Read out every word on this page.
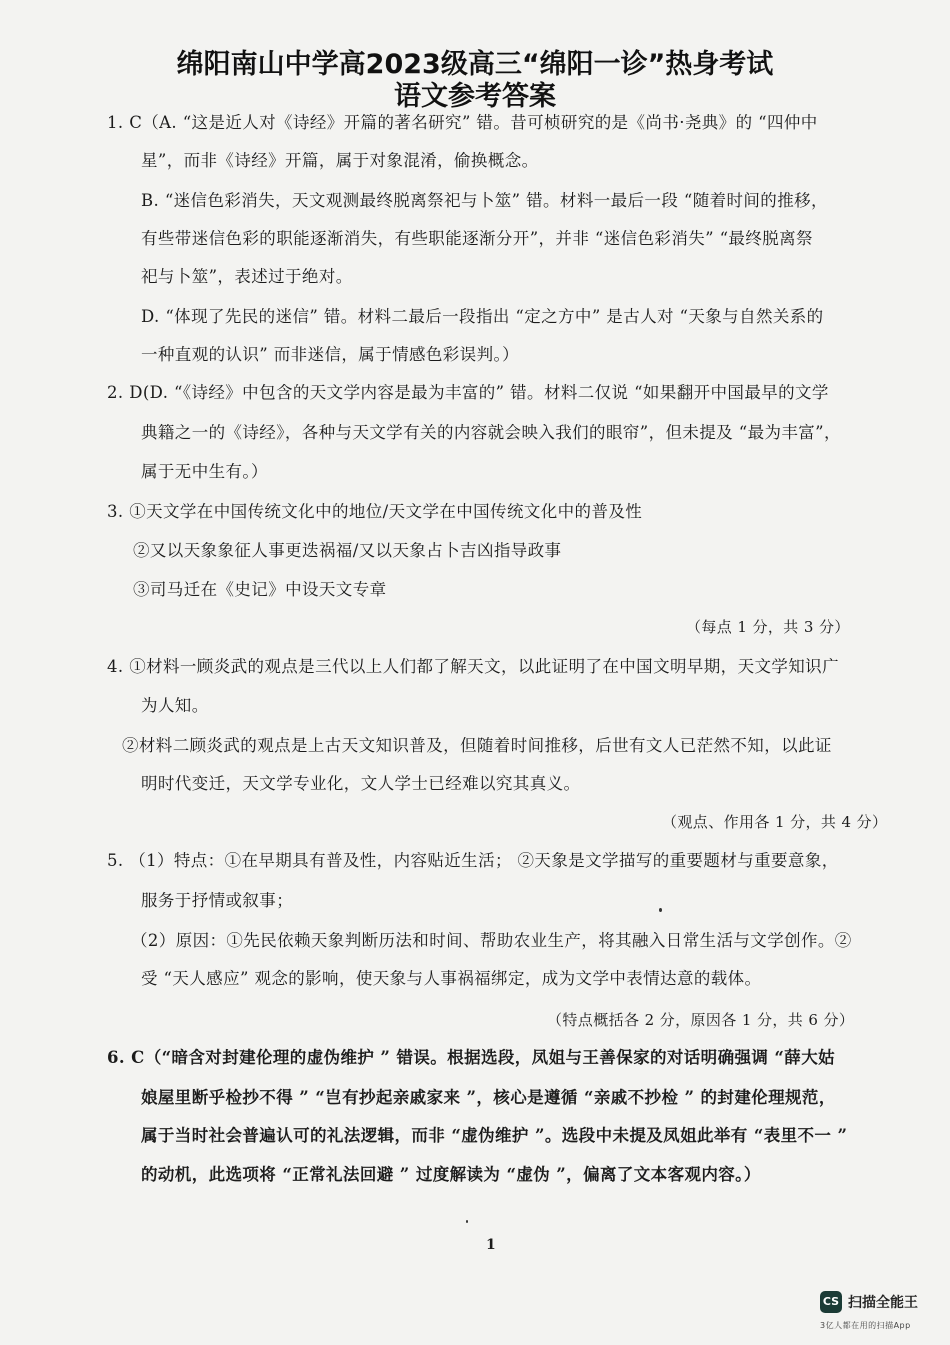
绵阳南山中学高2023级高三“绵阳一诊”热身考试
语文参考答案
1. C（A. “这是近人对《诗经》开篇的著名研究” 错。昔可桢研究的是《尚书·尧典》的 “四仲中
星”，而非《诗经》开篇，属于对象混淆，偷换概念。
B. “迷信色彩消失，天文观测最终脱离祭祀与卜筮” 错。材料一最后一段 “随着时间的推移，
有些带迷信色彩的职能逐渐消失，有些职能逐渐分开”，并非 “迷信色彩消失” “最终脱离祭
祀与卜筮”，表述过于绝对。
D. “体现了先民的迷信” 错。材料二最后一段指出 “定之方中” 是古人对 “天象与自然关系的
一种直观的认识” 而非迷信，属于情感色彩误判。）
2. D(D. “《诗经》中包含的天文学内容是最为丰富的” 错。材料二仅说 “如果翻开中国最早的文学
典籍之一的《诗经》，各种与天文学有关的内容就会映入我们的眼帘”，但未提及 “最为丰富”，
属于无中生有。）
3. ①天文学在中国传统文化中的地位/天文学在中国传统文化中的普及性
②又以天象象征人事更迭祸福/又以天象占卜吉凶指导政事
③司马迁在《史记》中设天文专章
（每点 1 分，共 3 分）
4. ①材料一顾炎武的观点是三代以上人们都了解天文，以此证明了在中国文明早期，天文学知识广
为人知。
②材料二顾炎武的观点是上古天文知识普及，但随着时间推移，后世有文人已茫然不知，以此证
明时代变迁，天文学专业化，文人学士已经难以究其真义。
（观点、作用各 1 分，共 4 分）
5. （1）特点：①在早期具有普及性，内容贴近生活； ②天象是文学描写的重要题材与重要意象，
服务于抒情或叙事；
（2）原因：①先民依赖天象判断历法和时间、帮助农业生产，将其融入日常生活与文学创作。②
受 “天人感应” 观念的影响，使天象与人事祸福绑定，成为文学中表情达意的载体。
（特点概括各 2 分，原因各 1 分，共 6 分）
6. C（“暗含对封建伦理的虚伪维护 ” 错误。根据选段，凤姐与王善保家的对话明确强调 “薛大姑
娘屋里断乎检抄不得 ” “岂有抄起亲戚家来 ”，核心是遵循 “亲戚不抄检 ” 的封建伦理规范，
属于当时社会普遍认可的礼法逻辑，而非 “虚伪维护 ”。选段中未提及凤姐此举有 “表里不一 ”
的动机，此选项将 “正常礼法回避 ” 过度解读为 “虚伪 ”，偏离了文本客观内容。）
1
CS 扫描全能王
3亿人都在用的扫描App
